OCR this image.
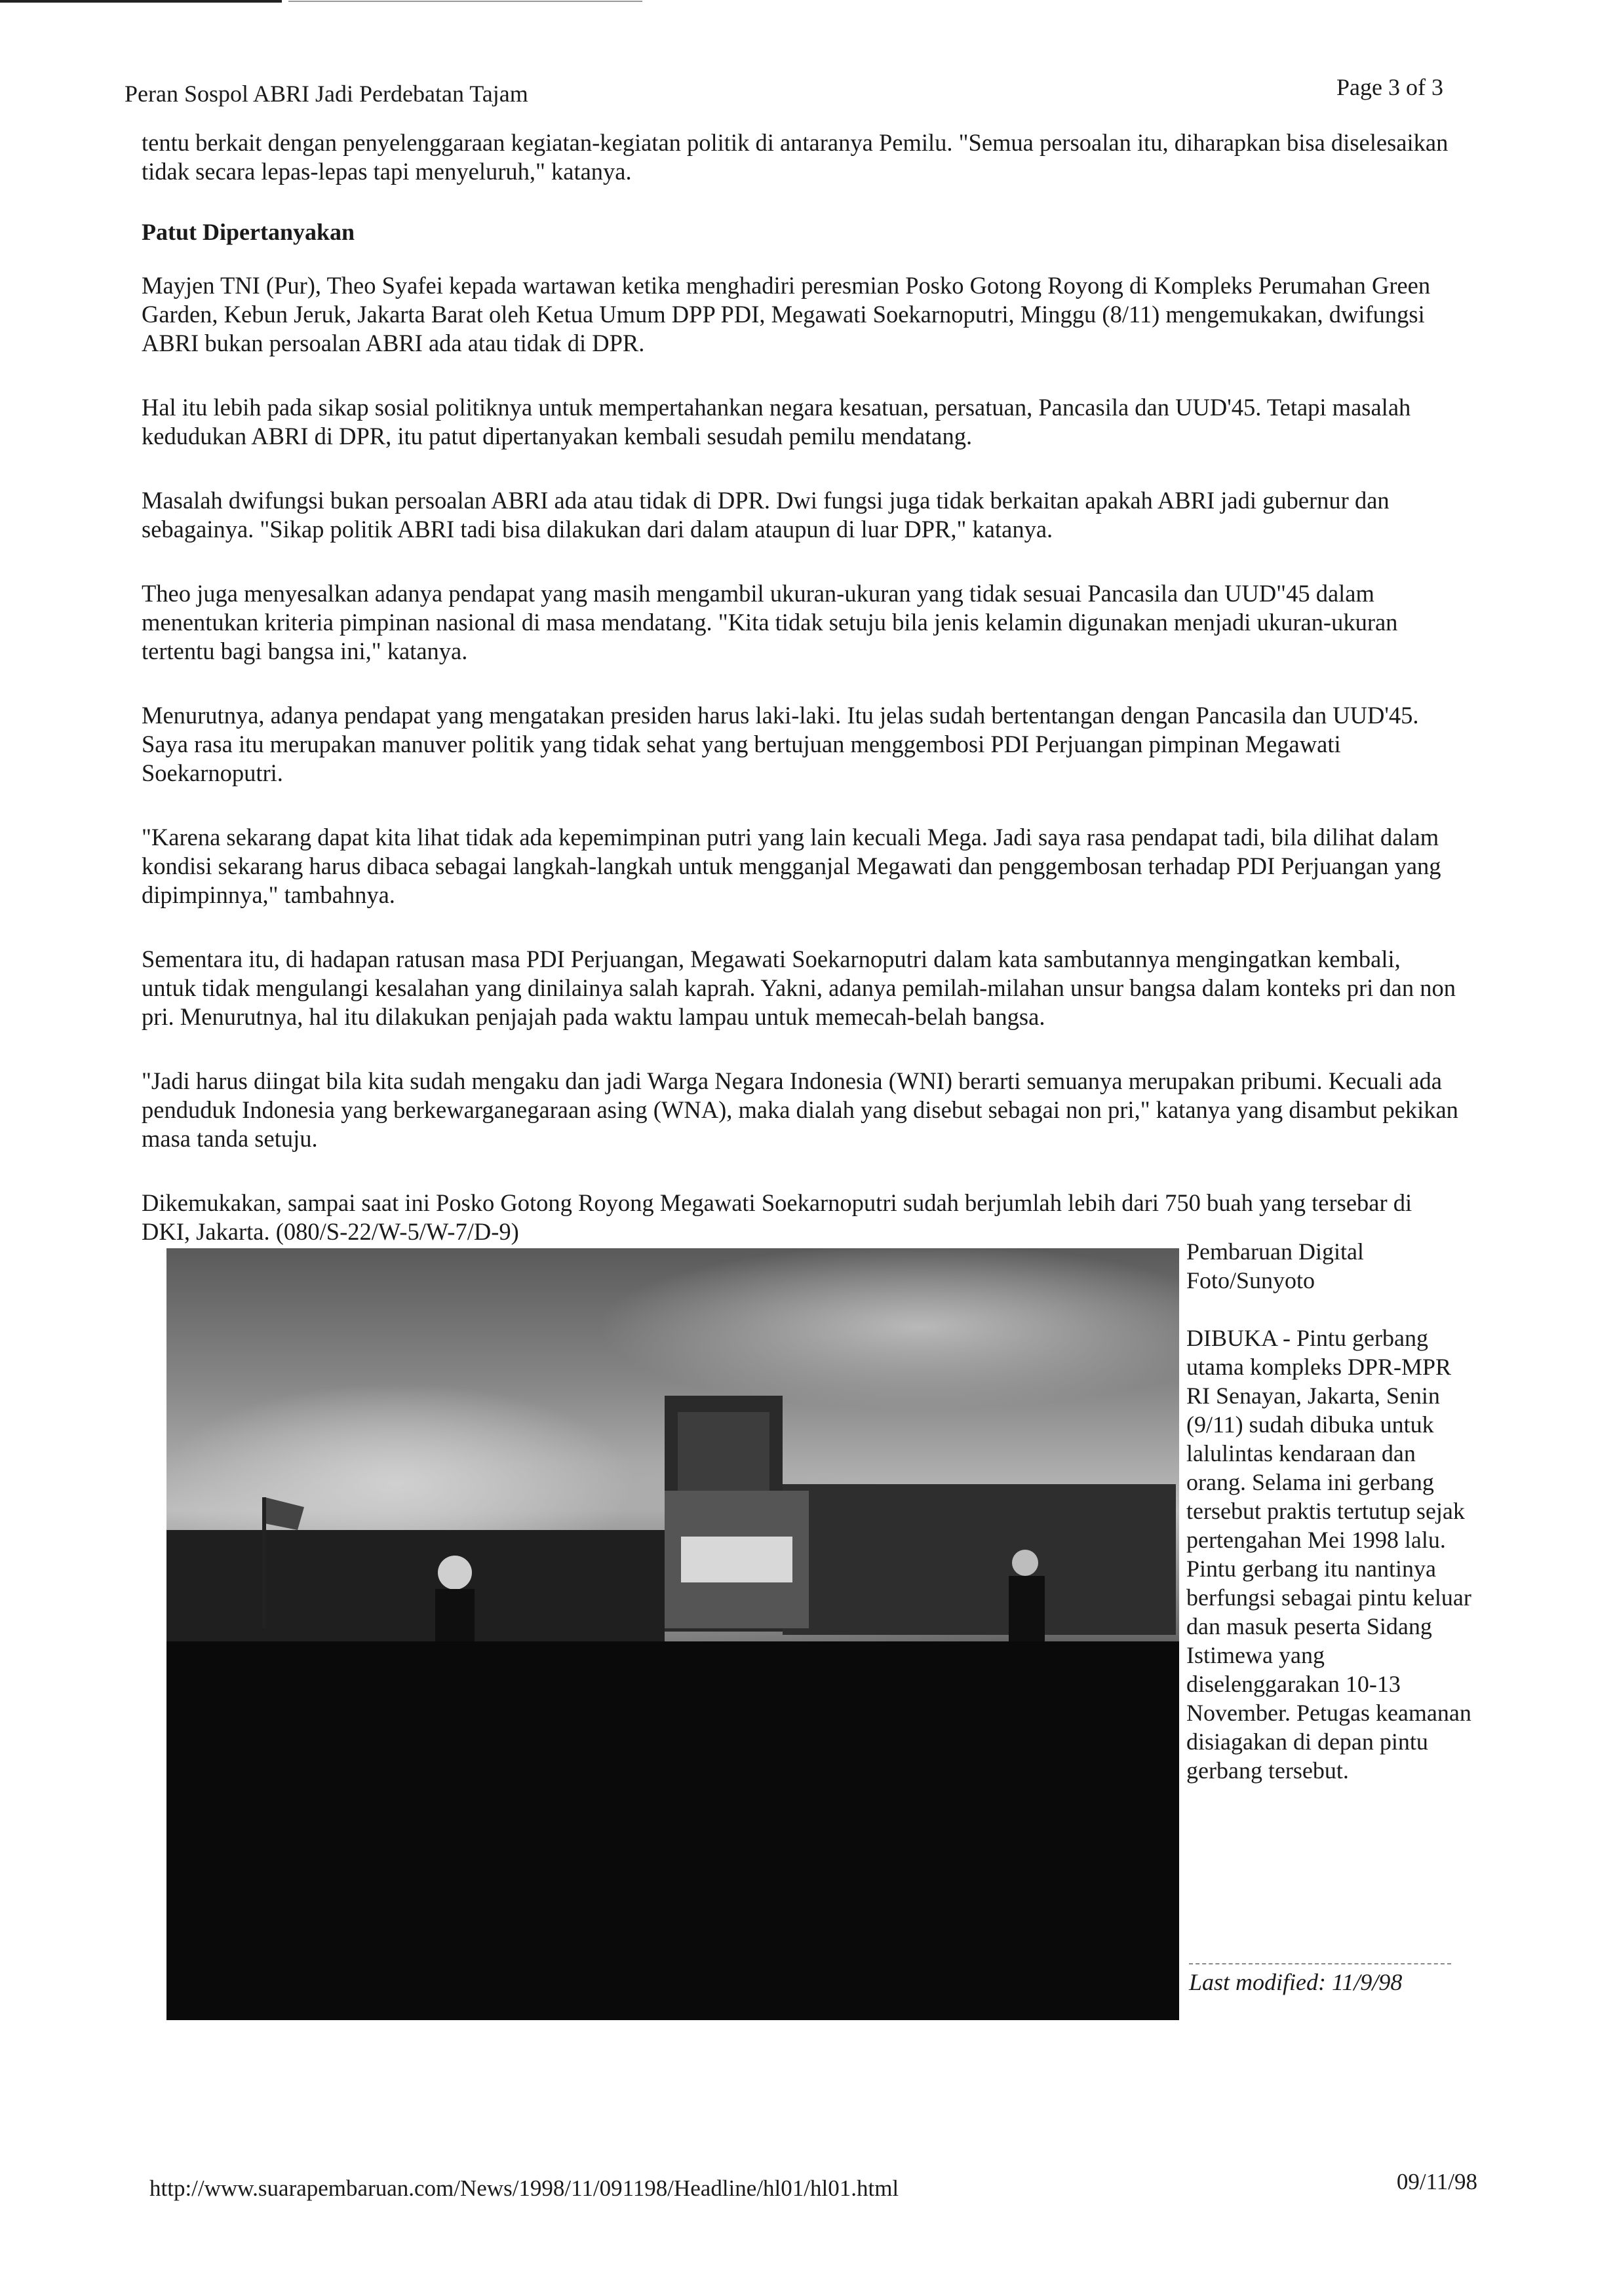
Peran Sospol ABRI Jadi Perdebatan Tajam	Page 3 of 3

tentu berkait dengan penyelenggaraan kegiatan-kegiatan politik di antaranya Pemilu. "Semua persoalan itu, diharapkan bisa diselesaikan tidak secara lepas-lepas tapi menyeluruh," katanya.

Patut Dipertanyakan

Mayjen TNI (Pur), Theo Syafei kepada wartawan ketika menghadiri peresmian Posko Gotong Royong di Kompleks Perumahan Green Garden, Kebun Jeruk, Jakarta Barat oleh Ketua Umum DPP PDI, Megawati Soekarnoputri, Minggu (8/11) mengemukakan, dwifungsi ABRI bukan persoalan ABRI ada atau tidak di DPR.

Hal itu lebih pada sikap sosial politiknya untuk mempertahankan negara kesatuan, persatuan, Pancasila dan UUD'45. Tetapi masalah kedudukan ABRI di DPR, itu patut dipertanyakan kembali sesudah pemilu mendatang.

Masalah dwifungsi bukan persoalan ABRI ada atau tidak di DPR. Dwi fungsi juga tidak berkaitan apakah ABRI jadi gubernur dan sebagainya. "Sikap politik ABRI tadi bisa dilakukan dari dalam ataupun di luar DPR," katanya.

Theo juga menyesalkan adanya pendapat yang masih mengambil ukuran-ukuran yang tidak sesuai Pancasila dan UUD"45 dalam menentukan kriteria pimpinan nasional di masa mendatang. "Kita tidak setuju bila jenis kelamin digunakan menjadi ukuran-ukuran tertentu bagi bangsa ini," katanya.

Menurutnya, adanya pendapat yang mengatakan presiden harus laki-laki. Itu jelas sudah bertentangan dengan Pancasila dan UUD'45. Saya rasa itu merupakan manuver politik yang tidak sehat yang bertujuan menggembosi PDI Perjuangan pimpinan Megawati Soekarnoputri.

"Karena sekarang dapat kita lihat tidak ada kepemimpinan putri yang lain kecuali Mega. Jadi saya rasa pendapat tadi, bila dilihat dalam kondisi sekarang harus dibaca sebagai langkah-langkah untuk mengganjal Megawati dan penggembosan terhadap PDI Perjuangan yang dipimpinnya," tambahnya.

Sementara itu, di hadapan ratusan masa PDI Perjuangan, Megawati Soekarnoputri dalam kata sambutannya mengingatkan kembali, untuk tidak mengulangi kesalahan yang dinilainya salah kaprah. Yakni, adanya pemilah-milahan unsur bangsa dalam konteks pri dan non pri. Menurutnya, hal itu dilakukan penjajah pada waktu lampau untuk memecah-belah bangsa.

"Jadi harus diingat bila kita sudah mengaku dan jadi Warga Negara Indonesia (WNI) berarti semuanya merupakan pribumi. Kecuali ada penduduk Indonesia yang berkewarganegaraan asing (WNA), maka dialah yang disebut sebagai non pri," katanya yang disambut pekikan masa tanda setuju.

Dikemukakan, sampai saat ini Posko Gotong Royong Megawati Soekarnoputri sudah berjumlah lebih dari 750 buah yang tersebar di DKI, Jakarta. (080/S-22/W-5/W-7/D-9)

Pembaruan Digital Foto/Sunyoto

DIBUKA - Pintu gerbang utama kompleks DPR-MPR RI Senayan, Jakarta, Senin (9/11) sudah dibuka untuk lalulintas kendaraan dan orang. Selama ini gerbang tersebut praktis tertutup sejak pertengahan Mei 1998 lalu. Pintu gerbang itu nantinya berfungsi sebagai pintu keluar dan masuk peserta Sidang Istimewa yang diselenggarakan 10-13 November. Petugas keamanan disiagakan di depan pintu gerbang tersebut.

Last modified: 11/9/98
http://www.suarapembaruan.com/News/1998/11/091198/Headline/hl01/hl01.html	09/11/98
